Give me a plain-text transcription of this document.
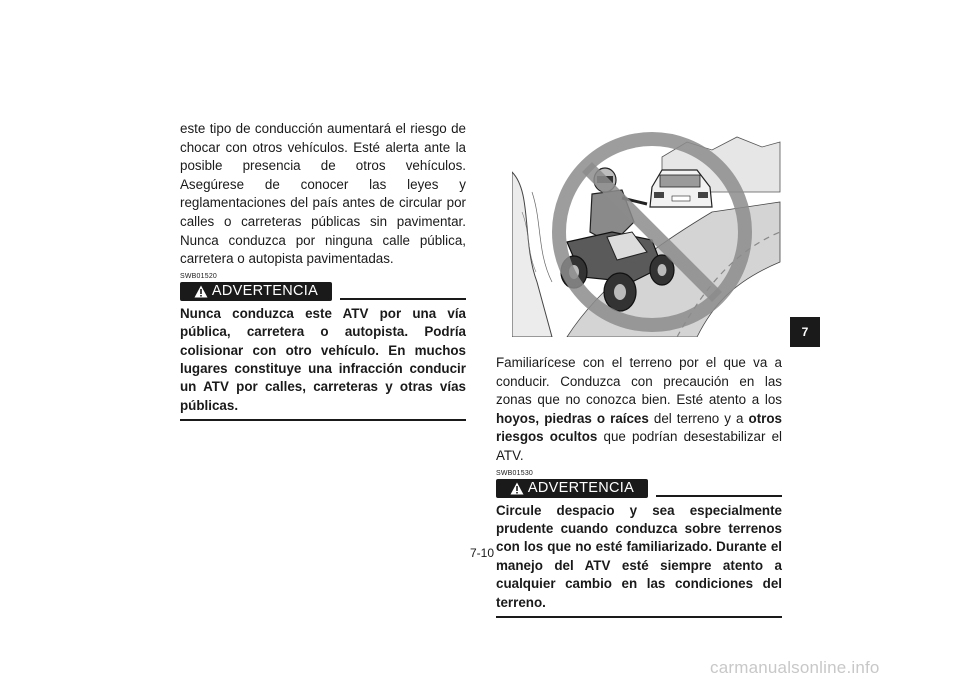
este tipo de conducción aumentará el riesgo de chocar con otros vehículos. Esté alerta ante la posible presencia de otros vehículos. Asegúrese de conocer las leyes y reglamentaciones del país antes de circular por calles o carreteras públicas sin pavimentar. Nunca conduzca por ninguna calle pública, carretera o autopista pavimentadas.

SWB01520
ADVERTENCIA

Nunca conduzca este ATV por una vía pública, carretera o autopista. Podría colisionar con otro vehículo. En muchos lugares constituye una infracción conducir un ATV por calles, carreteras y otras vías públicas.

Familiarícese con el terreno por el que va a conducir. Conduzca con precaución en las zonas que no conozca bien. Esté atento a los hoyos, piedras o raíces del terreno y a otros riesgos ocultos que podrían desestabilizar el ATV.

SWB01530
ADVERTENCIA

Circule despacio y sea especialmente prudente cuando conduzca sobre terrenos con los que no esté familiarizado. Durante el manejo del ATV esté siempre atento a cualquier cambio en las condiciones del terreno.

7
7-10
carmanualsonline.info
